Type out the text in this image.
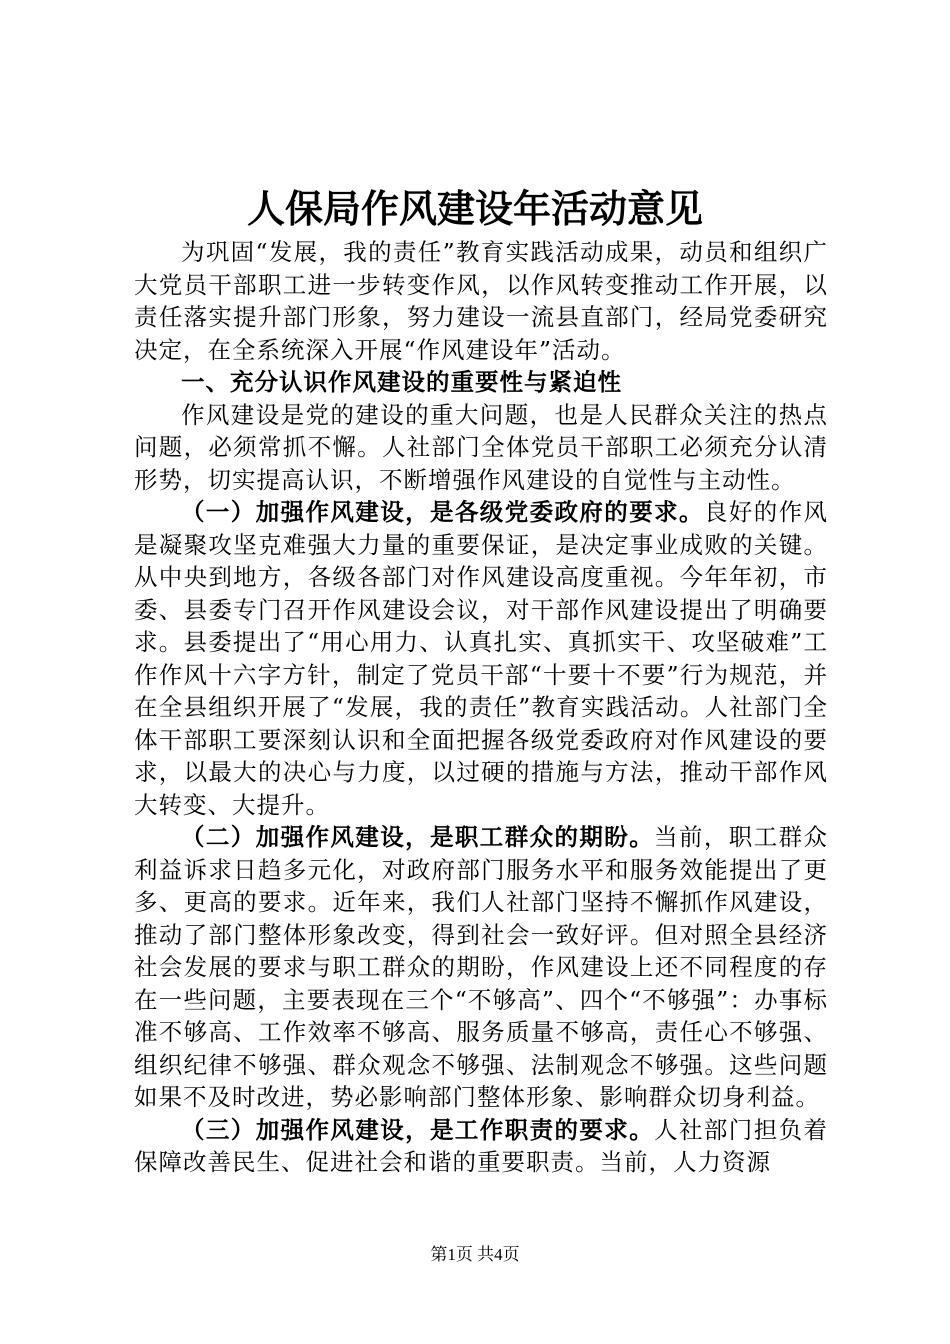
人保局作风建设年活动意见

为巩固“发展，我的责任”教育实践活动成果，动员和组织广大党员干部职工进一步转变作风，以作风转变推动工作开展，以责任落实提升部门形象，努力建设一流县直部门，经局党委研究决定，在全系统深入开展“作风建设年”活动。

一、充分认识作风建设的重要性与紧迫性

作风建设是党的建设的重大问题，也是人民群众关注的热点问题，必须常抓不懈。人社部门全体党员干部职工必须充分认清形势，切实提高认识，不断增强作风建设的自觉性与主动性。

（一）加强作风建设，是各级党委政府的要求。良好的作风是凝聚攻坚克难强大力量的重要保证，是决定事业成败的关键。从中央到地方，各级各部门对作风建设高度重视。今年年初，市委、县委专门召开作风建设会议，对干部作风建设提出了明确要求。县委提出了“用心用力、认真扎实、真抓实干、攻坚破难”工作作风十六字方针，制定了党员干部“十要十不要”行为规范，并在全县组织开展了“发展，我的责任”教育实践活动。人社部门全体干部职工要深刻认识和全面把握各级党委政府对作风建设的要求，以最大的决心与力度，以过硬的措施与方法，推动干部作风大转变、大提升。

（二）加强作风建设，是职工群众的期盼。当前，职工群众利益诉求日趋多元化，对政府部门服务水平和服务效能提出了更多、更高的要求。近年来，我们人社部门坚持不懈抓作风建设，推动了部门整体形象改变，得到社会一致好评。但对照全县经济社会发展的要求与职工群众的期盼，作风建设上还不同程度的存在一些问题，主要表现在三个“不够高”、四个“不够强”：办事标准不够高、工作效率不够高、服务质量不够高，责任心不够强、组织纪律不够强、群众观念不够强、法制观念不够强。这些问题如果不及时改进，势必影响部门整体形象、影响群众切身利益。

（三）加强作风建设，是工作职责的要求。人社部门担负着保障改善民生、促进社会和谐的重要职责。当前，人力资源

第1页 共4页
